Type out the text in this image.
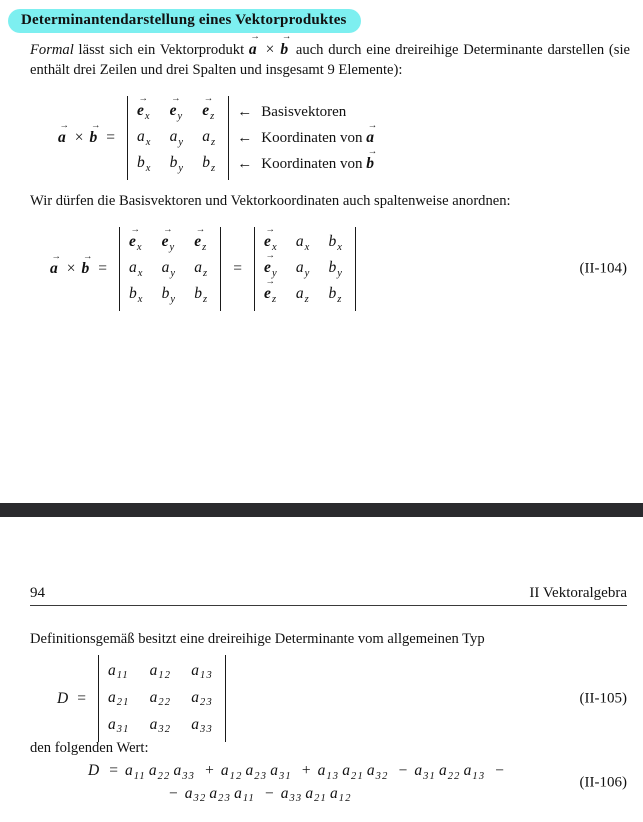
Determinantendarstellung eines Vektorproduktes

Formal lässt sich ein Vektorprodukt a
→
× b
→
auch durch eine dreireihige Determinante darstellen (sie enthält drei Zeilen und drei Spalten und insgesamt 9 Elemente):

a
→
× b
→
=
e
→
$_x$ e
→
$_y$ e
→
$_z$
$a_x$ $a_y$ $a_z$
$b_x$ $b_y$ $b_z$
← Basisvektoren
← Koordinaten von a
→
← Koordinaten von b
→

Wir dürfen die Basisvektoren und Vektorkoordinaten auch spaltenweise anordnen:

a
→
× b
→
=
e
→
$_x$ e
→
$_y$ e
→
$_z$
$a_x$ $a_y$ $a_z$
$b_x$ $b_y$ $b_z$
=
e
→
$_x$ $a_x$ $b_x$
e
→
$_y$ $a_y$ $b_y$
e
→
$_z$ $a_z$ $b_z$
(II-104)
94	II Vektoralgebra

Definitionsgemäß besitzt eine dreireihige Determinante vom allgemeinen Typ

D =
$a_{11}$ $a_{12}$ $a_{13}$
$a_{21}$ $a_{22}$ $a_{23}$
$a_{31}$ $a_{32}$ $a_{33}$
(II-105)

den folgenden Wert:

$D = a_{11}$ $a_{22}$ $a_{33} + a_{12}$ $a_{23}$ $a_{31} + a_{13}$ $a_{21}$ $a_{32} - a_{31}$ $a_{22}$ $a_{13}$ −
− $a_{32}$ $a_{23}$ $a_{11} - a_{33}$ $a_{21}$ $a_{12}$
(II-106)
